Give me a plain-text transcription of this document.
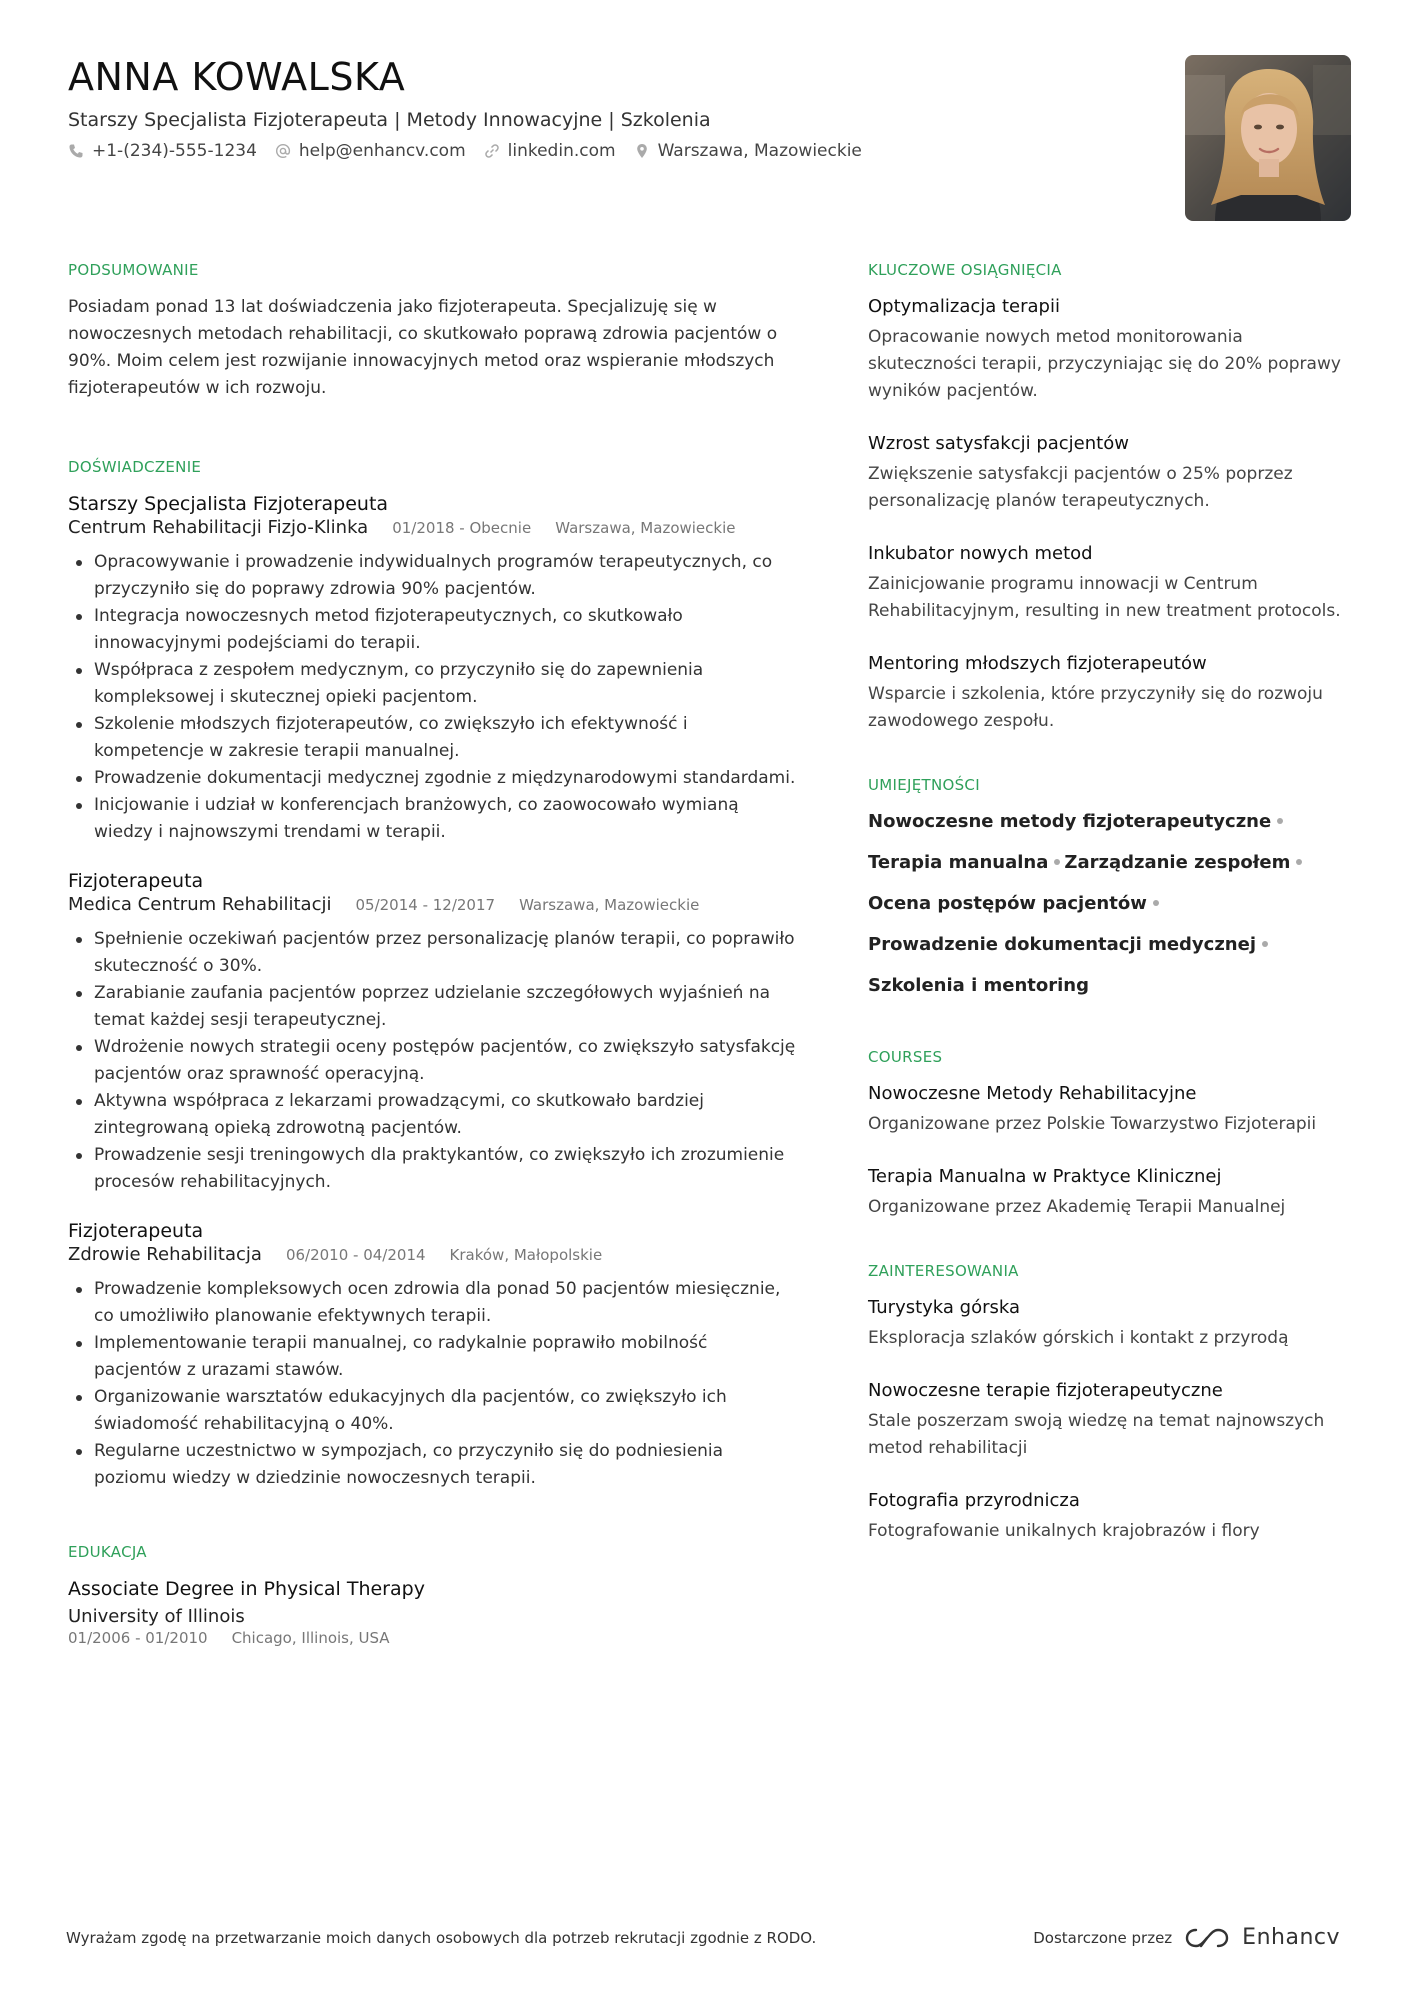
ANNA KOWALSKA
Starszy Specjalista Fizjoterapeuta | Metody Innowacyjne | Szkolenia
+1-(234)-555-1234 help@enhancv.com linkedin.com Warszawa, Mazowieckie
PODSUMOWANIE

Posiadam ponad 13 lat doświadczenia jako fizjoterapeuta. Specjalizuję się w nowoczesnych metodach rehabilitacji, co skutkowało poprawą zdrowia pacjentów o 90%. Moim celem jest rozwijanie innowacyjnych metod oraz wspieranie młodszych fizjoterapeutów w ich rozwoju.

DOŚWIADCZENIE
Starszy Specjalista Fizjoterapeuta
Centrum Rehabilitacji Fizjo-Klinka 01/2018 - Obecnie Warszawa, Mazowieckie
Opracowywanie i prowadzenie indywidualnych programów terapeutycznych, co przyczyniło się do poprawy zdrowia 90% pacjentów.
Integracja nowoczesnych metod fizjoterapeutycznych, co skutkowało innowacyjnymi podejściami do terapii.
Współpraca z zespołem medycznym, co przyczyniło się do zapewnienia kompleksowej i skutecznej opieki pacjentom.
Szkolenie młodszych fizjoterapeutów, co zwiększyło ich efektywność i kompetencje w zakresie terapii manualnej.
Prowadzenie dokumentacji medycznej zgodnie z międzynarodowymi standardami.
Inicjowanie i udział w konferencjach branżowych, co zaowocowało wymianą wiedzy i najnowszymi trendami w terapii.
Fizjoterapeuta
Medica Centrum Rehabilitacji 05/2014 - 12/2017 Warszawa, Mazowieckie
Spełnienie oczekiwań pacjentów przez personalizację planów terapii, co poprawiło skuteczność o 30%.
Zarabianie zaufania pacjentów poprzez udzielanie szczegółowych wyjaśnień na temat każdej sesji terapeutycznej.
Wdrożenie nowych strategii oceny postępów pacjentów, co zwiększyło satysfakcję pacjentów oraz sprawność operacyjną.
Aktywna współpraca z lekarzami prowadzącymi, co skutkowało bardziej zintegrowaną opieką zdrowotną pacjentów.
Prowadzenie sesji treningowych dla praktykantów, co zwiększyło ich zrozumienie procesów rehabilitacyjnych.
Fizjoterapeuta
Zdrowie Rehabilitacja 06/2010 - 04/2014 Kraków, Małopolskie
Prowadzenie kompleksowych ocen zdrowia dla ponad 50 pacjentów miesięcznie, co umożliwiło planowanie efektywnych terapii.
Implementowanie terapii manualnej, co radykalnie poprawiło mobilność pacjentów z urazami stawów.
Organizowanie warsztatów edukacyjnych dla pacjentów, co zwiększyło ich świadomość rehabilitacyjną o 40%.
Regularne uczestnictwo w sympozjach, co przyczyniło się do podniesienia poziomu wiedzy w dziedzinie nowoczesnych terapii.
EDUKACJA
Associate Degree in Physical Therapy
University of Illinois
01/2006 - 01/2010 Chicago, Illinois, USA
KLUCZOWE OSIĄGNIĘCIA
Optymalizacja terapii
Opracowanie nowych metod monitorowania skuteczności terapii, przyczyniając się do 20% poprawy wyników pacjentów.
Wzrost satysfakcji pacjentów
Zwiększenie satysfakcji pacjentów o 25% poprzez personalizację planów terapeutycznych.
Inkubator nowych metod
Zainicjowanie programu innowacji w Centrum Rehabilitacyjnym, resulting in new treatment protocols.
Mentoring młodszych fizjoterapeutów
Wsparcie i szkolenia, które przyczyniły się do rozwoju zawodowego zespołu.
UMIEJĘTNOŚCI
Nowoczesne metody fizjoterapeutyczne
Terapia manualna Zarządzanie zespołem
Ocena postępów pacjentów
Prowadzenie dokumentacji medycznej
Szkolenia i mentoring
COURSES
Nowoczesne Metody Rehabilitacyjne
Organizowane przez Polskie Towarzystwo Fizjoterapii
Terapia Manualna w Praktyce Klinicznej
Organizowane przez Akademię Terapii Manualnej
ZAINTERESOWANIA
Turystyka górska
Eksploracja szlaków górskich i kontakt z przyrodą
Nowoczesne terapie fizjoterapeutyczne
Stale poszerzam swoją wiedzę na temat najnowszych metod rehabilitacji
Fotografia przyrodnicza
Fotografowanie unikalnych krajobrazów i flory
Wyrażam zgodę na przetwarzanie moich danych osobowych dla potrzeb rekrutacji zgodnie z RODO.	Dostarczone przez	Enhancv
